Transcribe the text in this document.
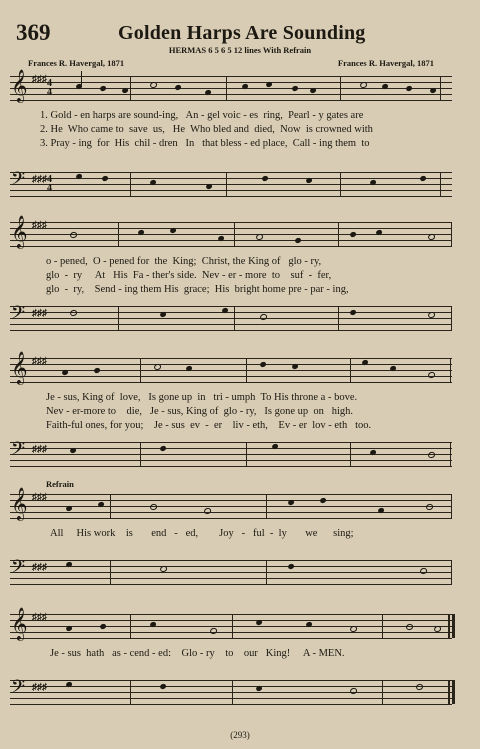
369	Golden Harps Are Sounding
HERMAS 6 5 6 5 12 lines With Refrain
Frances R. Havergal, 1871	Frances R. Havergal, 1871
𝄞 ♯♯♯ 4
4
1. Gold - en harps are sound-ing,   An - gel voic - es  ring,  Pearl - y gates are
2. He  Who came to  save  us,   He  Who bled and  died,  Now  is crowned with
3. Pray - ing  for  His  chil - dren   In   that bless - ed place,  Call - ing them  to
𝄢 ♯♯♯ 4
4
𝄞 ♯♯♯
o - pened,  O - pened for  the  King;  Christ, the King of   glo - ry,
glo  -  ry     At   His  Fa - ther's side.  Nev - er - more  to    suf  -  fer,
glo  -  ry,    Send - ing them His  grace;  His  bright home pre - par - ing,
𝄢 ♯♯♯
𝄞 ♯♯♯
Je - sus, King of  love,   Is gone up  in   tri - umph  To His throne a - bove.
Nev - er-more to    die,   Je - sus, King of  glo - ry,   Is gone up  on   high.
Faith-ful ones, for you;    Je - sus  ev  -  er    liv - eth,    Ev - er  lov - eth   too.
𝄢 ♯♯♯
Refrain
𝄞 ♯♯♯
All     His work    is       end   -   ed,        Joy   -   ful  -  ly       we      sing;
𝄢 ♯♯♯
𝄞 ♯♯♯
Je - sus  hath   as - cend - ed:    Glo - ry    to    our   King!     A - MEN.
𝄢 ♯♯♯
(293)
